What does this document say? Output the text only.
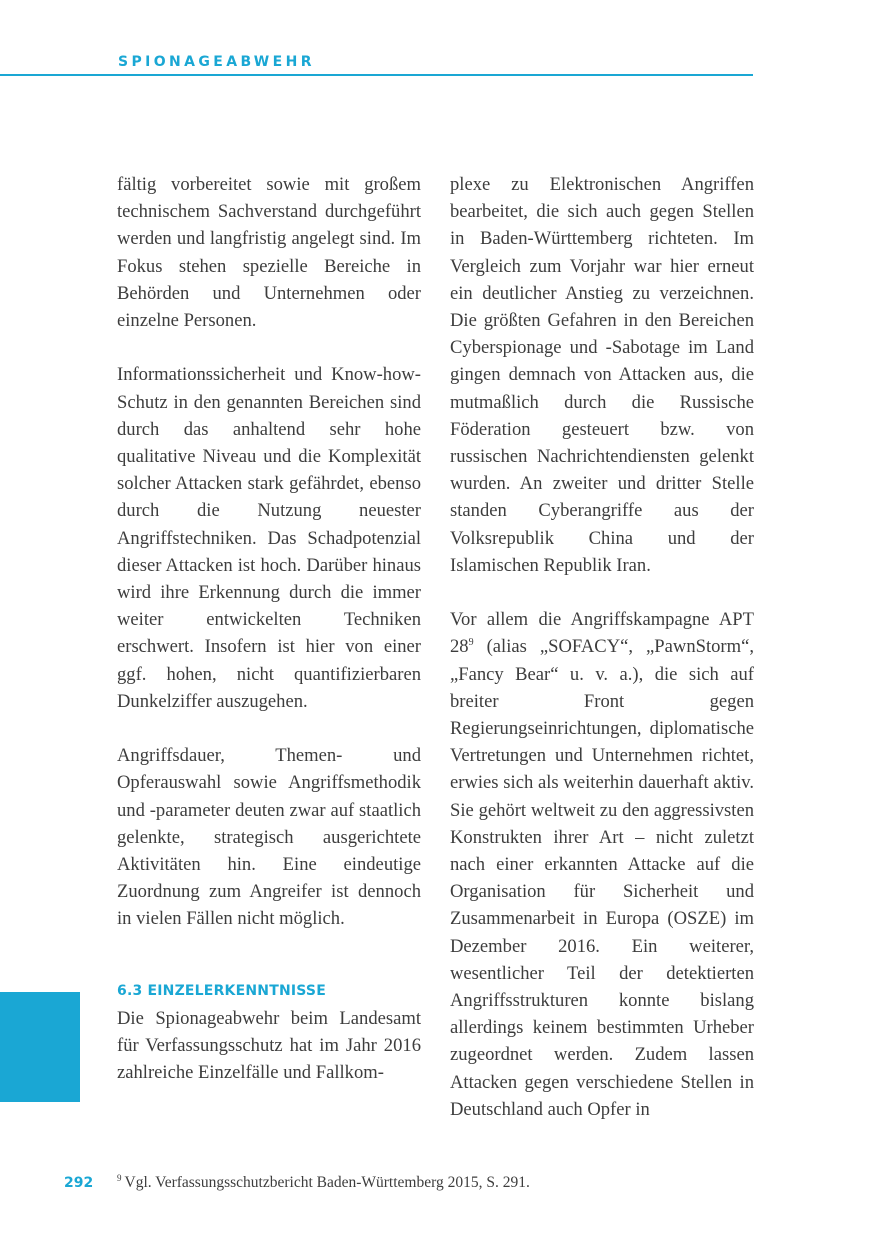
SPIONAGEABWEHR

fältig vorbereitet sowie mit großem technischem Sachverstand durchgeführt werden und langfristig angelegt sind. Im Fokus stehen spezielle Bereiche in Behörden und Unternehmen oder einzelne Personen.

Informationssicherheit und Know-how-Schutz in den genannten Bereichen sind durch das anhaltend sehr hohe qualitative Niveau und die Komplexität solcher Attacken stark gefährdet, ebenso durch die Nutzung neuester Angriffstechniken. Das Schadpotenzial dieser Attacken ist hoch. Darüber hinaus wird ihre Erkennung durch die immer weiter entwickelten Techniken erschwert. Insofern ist hier von einer ggf. hohen, nicht quantifizierbaren Dunkelziffer auszugehen.

Angriffsdauer, Themen- und Opferauswahl sowie Angriffsmethodik und -parameter deuten zwar auf staatlich gelenkte, strategisch ausgerichtete Aktivitäten hin. Eine eindeutige Zuordnung zum Angreifer ist dennoch in vielen Fällen nicht möglich.

6.3 EINZELERKENNTNISSE

Die Spionageabwehr beim Landesamt für Verfassungsschutz hat im Jahr 2016 zahlreiche Einzelfälle und Fallkom-

plexe zu Elektronischen Angriffen bearbeitet, die sich auch gegen Stellen in Baden-Württemberg richteten. Im Vergleich zum Vorjahr war hier erneut ein deutlicher Anstieg zu verzeichnen. Die größten Gefahren in den Bereichen Cyberspionage und -Sabotage im Land gingen demnach von Attacken aus, die mutmaßlich durch die Russische Föderation gesteuert bzw. von russischen Nachrichtendiensten gelenkt wurden. An zweiter und dritter Stelle standen Cyberangriffe aus der Volksrepublik China und der Islamischen Republik Iran.

Vor allem die Angriffskampagne APT 28$^9$ (alias „SOFACY“, „PawnStorm“, „Fancy Bear“ u. v. a.), die sich auf breiter Front gegen Regierungseinrichtungen, diplomatische Vertretungen und Unternehmen richtet, erwies sich als weiterhin dauerhaft aktiv. Sie gehört weltweit zu den aggressivsten Konstrukten ihrer Art – nicht zuletzt nach einer erkannten Attacke auf die Organisation für Sicherheit und Zusammenarbeit in Europa (OSZE) im Dezember 2016. Ein weiterer, wesentlicher Teil der detektierten Angriffsstrukturen konnte bislang allerdings keinem bestimmten Urheber zugeordnet werden. Zudem lassen Attacken gegen verschiedene Stellen in Deutschland auch Opfer in

292	$^9$ Vgl. Verfassungsschutzbericht Baden-Württemberg 2015, S. 291.
